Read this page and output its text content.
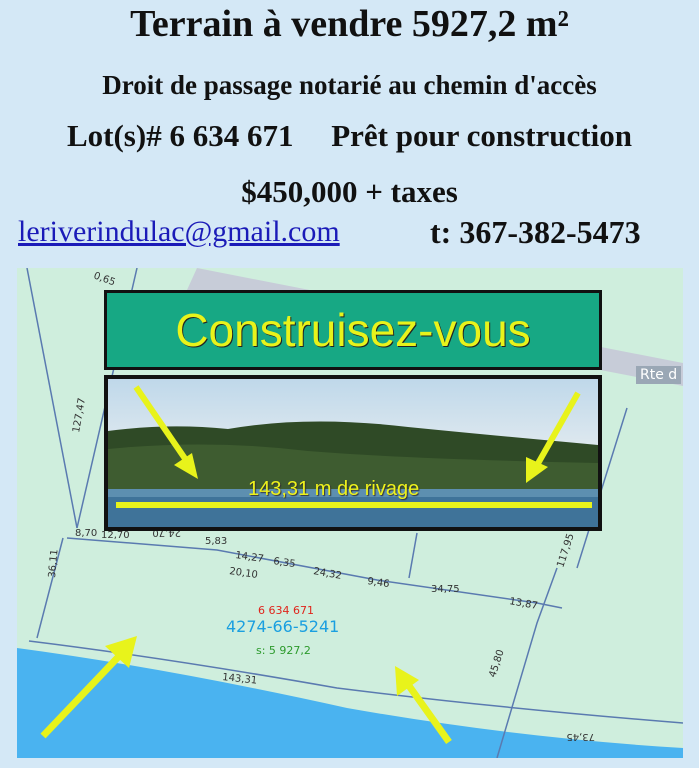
Terrain à vendre 5927,2 m²
Droit de passage notarié au chemin d'accès
Lot(s)# 6 634 671 Prêt pour construction
$450,000 + taxes
leriverindulac@gmail.com	t: 367-382-5473
0,65
127,47
8,70 12,70 24,70
5,83
14,27 6,35
24,32
9,46	34,75
13,87
117,95
20,10
36,11
143,31
45,80
73,45
Rte d
Construisez-vous
143,31 m de rivage
6 634 671
4274-66-5241
s: 5 927,2
